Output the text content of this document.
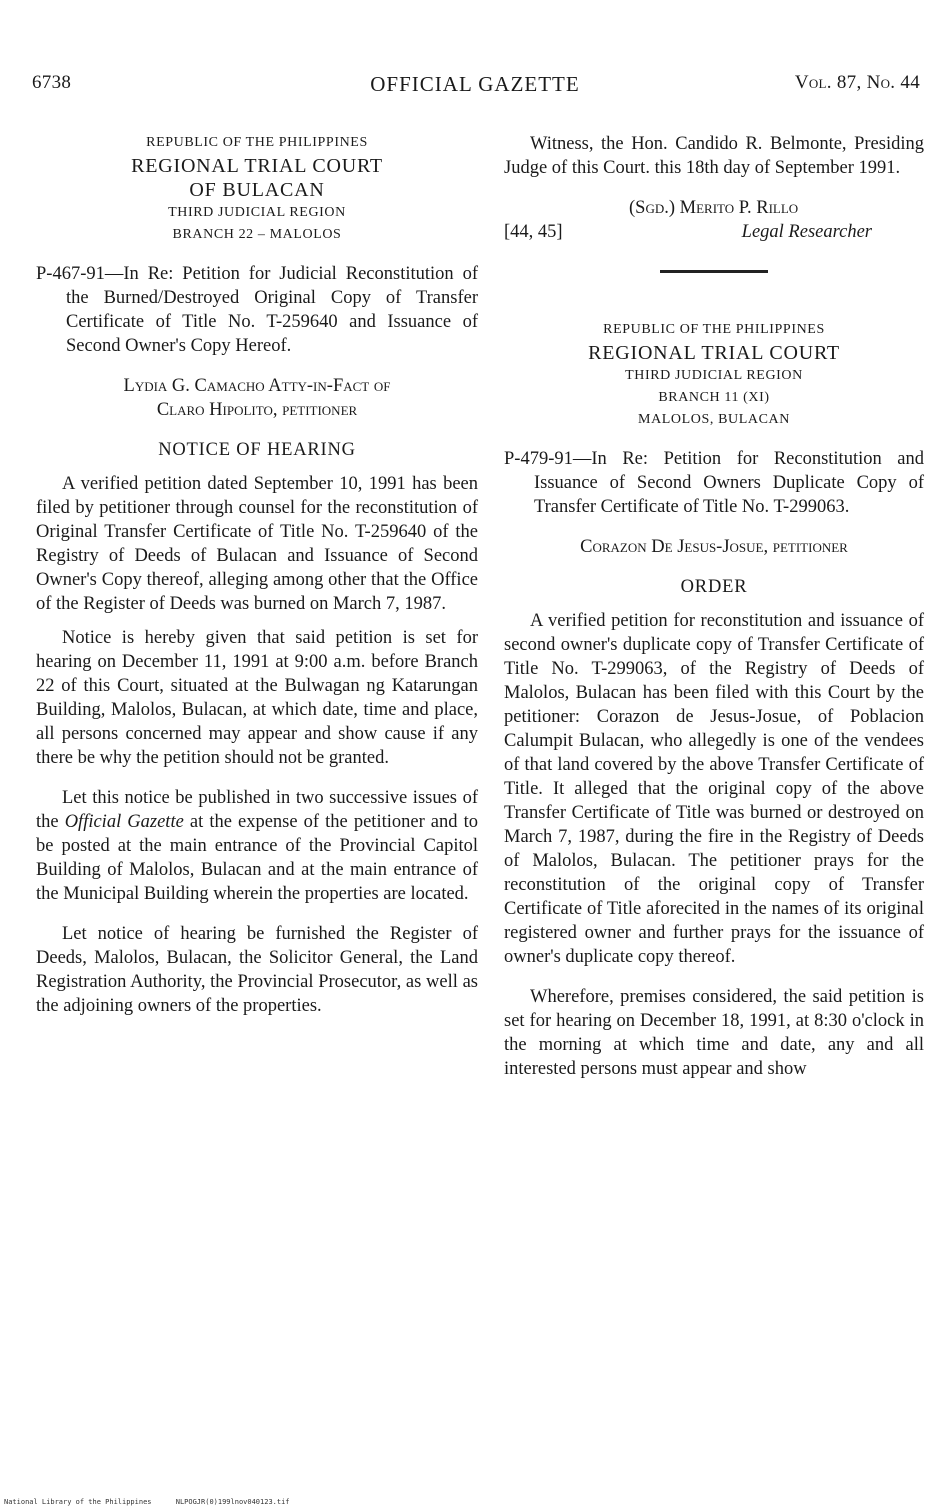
6738	OFFICIAL GAZETTE	Vol. 87, No. 44
REPUBLIC OF THE PHILIPPINES
REGIONAL TRIAL COURT
OF BULACAN
THIRD JUDICIAL REGION
BRANCH 22 – MALOLOS

P-467-91—In Re: Petition for Judicial Reconstitution of the Burned/Destroyed Original Copy of Transfer Certificate of Title No. T-259640 and Issuance of Second Owner's Copy Hereof.

Lydia G. Camacho Atty-in-Fact of
Claro Hipolito, petitioner
NOTICE OF HEARING

A verified petition dated September 10, 1991 has been filed by petitioner through counsel for the reconstitution of Original Transfer Certificate of Title No. T-259640 of the Registry of Deeds of Bulacan and Issuance of Second Owner's Copy thereof, alleging among other that the Office of the Register of Deeds was burned on March 7, 1987.

Notice is hereby given that said petition is set for hearing on December 11, 1991 at 9:00 a.m. before Branch 22 of this Court, situated at the Bulwagan ng Katarungan Building, Malolos, Bulacan, at which date, time and place, all persons concerned may appear and show cause if any there be why the petition should not be granted.

Let this notice be published in two successive issues of the Official Gazette at the expense of the petitioner and to be posted at the main entrance of the Provincial Capitol Building of Malolos, Bulacan and at the main entrance of the Municipal Building wherein the properties are located.

Let notice of hearing be furnished the Register of Deeds, Malolos, Bulacan, the Solicitor General, the Land Registration Authority, the Provincial Prosecutor, as well as the adjoining owners of the properties.

Witness, the Hon. Candido R. Belmonte, Presiding Judge of this Court. this 18th day of September 1991.

(Sgd.) Merito P. Rillo
[44, 45]	Legal Researcher
REPUBLIC OF THE PHILIPPINES
REGIONAL TRIAL COURT
THIRD JUDICIAL REGION
BRANCH 11 (XI)
MALOLOS, BULACAN

P-479-91—In Re: Petition for Reconstitution and Issuance of Second Owners Duplicate Copy of Transfer Certificate of Title No. T-299063.

Corazon De Jesus-Josue, petitioner
ORDER

A verified petition for reconstitution and issuance of second owner's duplicate copy of Transfer Certificate of Title No. T-299063, of the Registry of Deeds of Malolos, Bulacan has been filed with this Court by the petitioner: Corazon de Jesus-Josue, of Poblacion Calumpit Bulacan, who allegedly is one of the vendees of that land covered by the above Transfer Certificate of Title. It alleged that the original copy of the above Transfer Certificate of Title was burned or destroyed on March 7, 1987, during the fire in the Registry of Deeds of Malolos, Bulacan. The petitioner prays for the reconstitution of the original copy of Transfer Certificate of Title aforecited in the names of its original registered owner and further prays for the issuance of owner's duplicate copy thereof.

Wherefore, premises considered, the said petition is set for hearing on December 18, 1991, at 8:30 o'clock in the morning at which time and date, any and all interested persons must appear and show

National Library of the Philippines	NLPOGJR(0)199lnov040123.tif
